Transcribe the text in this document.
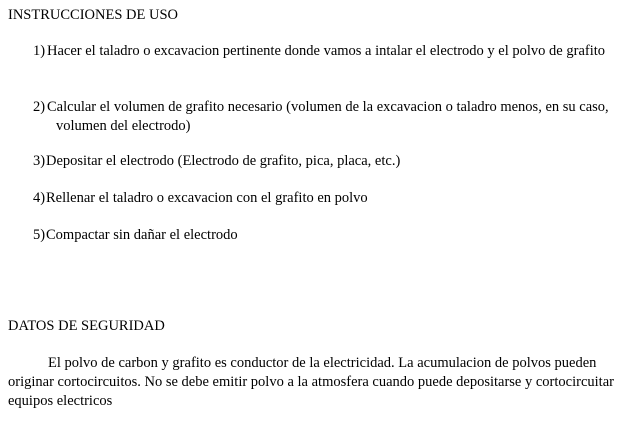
INSTRUCCIONES DE USO
1) Hacer el taladro o excavacion pertinente donde vamos a intalar el electrodo y el polvo de grafito
2) Calcular el volumen de grafito necesario (volumen de la excavacion o taladro menos, en su caso, volumen del electrodo)
3) Depositar el electrodo (Electrodo de grafito, pica, placa, etc.)
4) Rellenar el taladro o excavacion con el grafito en polvo
5) Compactar sin dañar el electrodo
DATOS DE SEGURIDAD

El polvo de carbon y grafito es conductor de la electricidad. La acumulacion de polvos pueden originar cortocircuitos. No se debe emitir polvo a la atmosfera cuando puede depositarse y cortocircuitar equipos electricos
